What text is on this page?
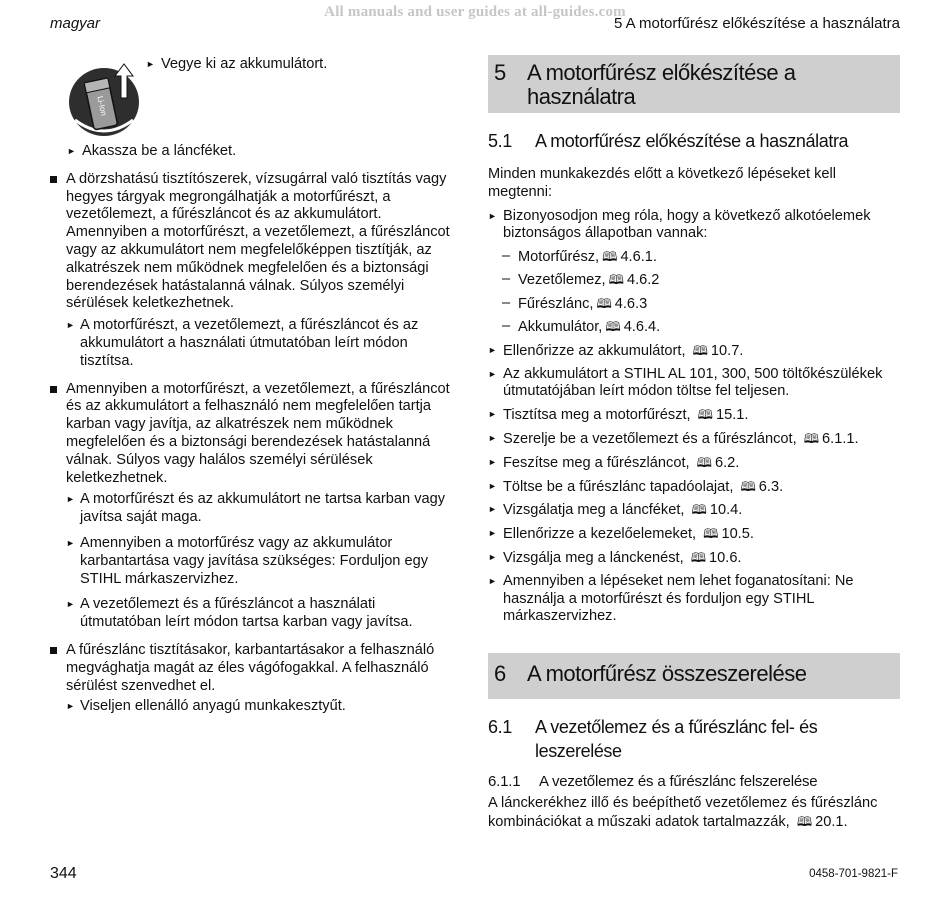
All manuals and user guides at all-guides.com
magyar	5 A motorfűrész előkészítése a használatra
Li-Ion
► Vegye ki az akkumulátort.
► Akassza be a láncféket.
A dörzshatású tisztítószerek, vízsugárral való tisztítás vagy hegyes tárgyak megrongálhatják a motorfűrészt, a vezetőlemezt, a fűrészláncot és az akkumulátort. Amennyiben a motorfűrészt, a vezetőlemezt, a fűrészláncot vagy az akkumulátort nem megfelelőképpen tisztítják, az alkatrészek nem működnek megfelelően és a biztonsági berendezések hatástalanná válnak. Súlyos személyi sérülések keletkezhetnek.
► A motorfűrészt, a vezetőlemezt, a fűrészláncot és az akkumulátort a használati útmutatóban leírt módon tisztítsa.
Amennyiben a motorfűrészt, a vezetőlemezt, a fűrészláncot és az akkumulátort a felhasználó nem megfelelően tartja karban vagy javítja, az alkatrészek nem működnek megfelelően és a biztonsági berendezések hatástalanná válnak. Súlyos vagy halálos személyi sérülések keletkezhetnek.
► A motorfűrészt és az akkumulátort ne tartsa karban vagy javítsa saját maga.
► Amennyiben a motorfűrész vagy az akkumulátor karbantartása vagy javítása szükséges: Forduljon egy STIHL márkaszervizhez.
► A vezetőlemezt és a fűrészláncot a használati útmutatóban leírt módon tartsa karban vagy javítsa.
A fűrészlánc tisztításakor, karbantartásakor a felhasználó megvághatja magát az éles vágófogakkal. A felhasználó sérülést szenvedhet el.
► Viseljen ellenálló anyagú munkakesztyűt.
5 A motorfűrész előkészítése a használatra
5.1	A motorfűrész előkészítése a használatra
Minden munkakezdés előtt a következő lépéseket kell megtenni:
► Bizonyosodjon meg róla, hogy a következő alkotóelemek biztonságos állapotban vannak:
– Motorfűrész, 🕮 4.6.1.
– Vezetőlemez, 🕮 4.6.2
– Fűrészlánc, 🕮 4.6.3
– Akkumulátor, 🕮 4.6.4.
► Ellenőrizze az akkumulátort, 🕮 10.7.
► Az akkumulátort a STIHL AL 101, 300, 500 töltőkészülékek útmutatójában leírt módon töltse fel teljesen.
► Tisztítsa meg a motorfűrészt, 🕮 15.1.
► Szerelje be a vezetőlemezt és a fűrészláncot, 🕮 6.1.1.
► Feszítse meg a fűrészláncot, 🕮 6.2.
► Töltse be a fűrészlánc tapadóolajat, 🕮 6.3.
► Vizsgálatja meg a láncféket, 🕮 10.4.
► Ellenőrizze a kezelőelemeket, 🕮 10.5.
► Vizsgálja meg a lánckenést, 🕮 10.6.
► Amennyiben a lépéseket nem lehet foganatosítani: Ne használja a motorfűrészt és forduljon egy STIHL márkaszervizhez.
6 A motorfűrész összeszerelése
6.1	A vezetőlemez és a fűrészlánc fel- és leszerelése
6.1.1	A vezetőlemez és a fűrészlánc felszerelése
A lánckerékhez illő és beépíthető vezetőlemez és fűrészlánc kombinációkat a műszaki adatok tartalmazzák, 🕮 20.1.
344	0458-701-9821-F
